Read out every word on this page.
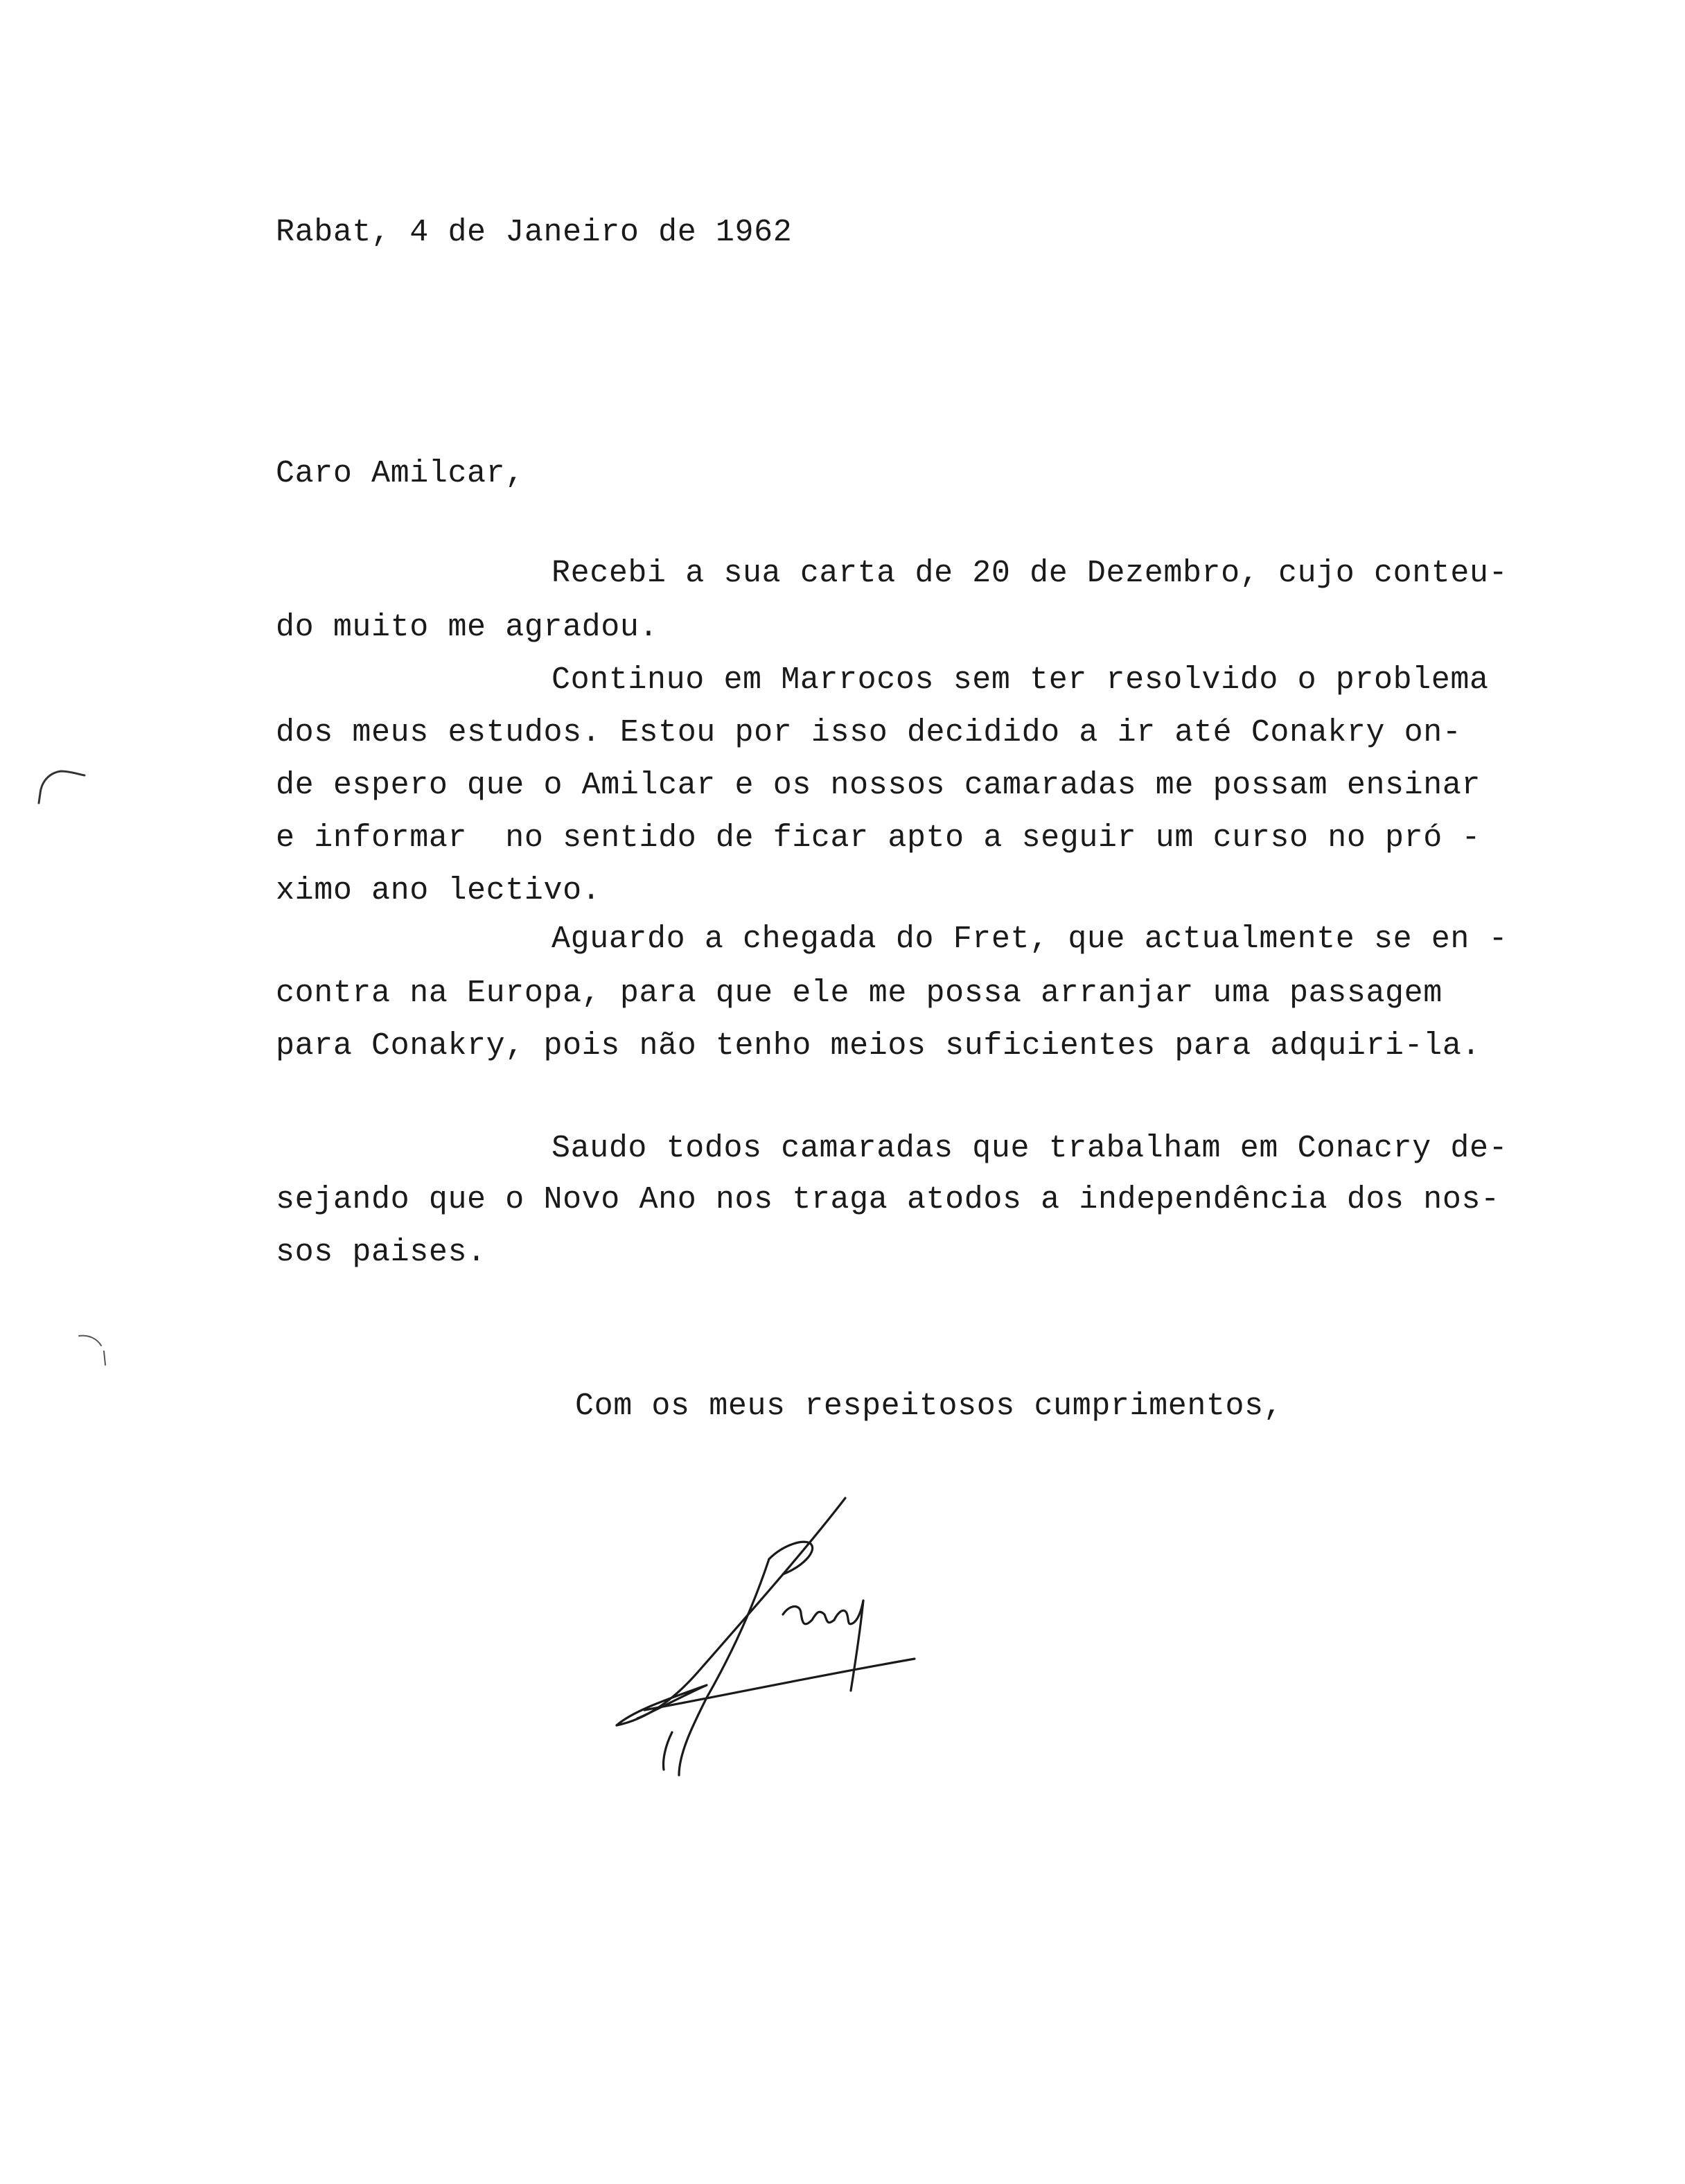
Rabat, 4 de Janeiro de 1962
Caro Amilcar,
Recebi a sua carta de 20 de Dezembro, cujo conteu-
do muito me agradou.
Continuo em Marrocos sem ter resolvido o problema
dos meus estudos. Estou por isso decidido a ir até Conakry on-
de espero que o Amilcar e os nossos camaradas me possam ensinar
e informar  no sentido de ficar apto a seguir um curso no pró -
ximo ano lectivo.
Aguardo a chegada do Fret, que actualmente se en -
contra na Europa, para que ele me possa arranjar uma passagem
para Conakry, pois não tenho meios suficientes para adquiri-la.
Saudo todos camaradas que trabalham em Conacry de-
sejando que o Novo Ano nos traga atodos a independência dos nos-
sos paises.
Com os meus respeitosos cumprimentos,
